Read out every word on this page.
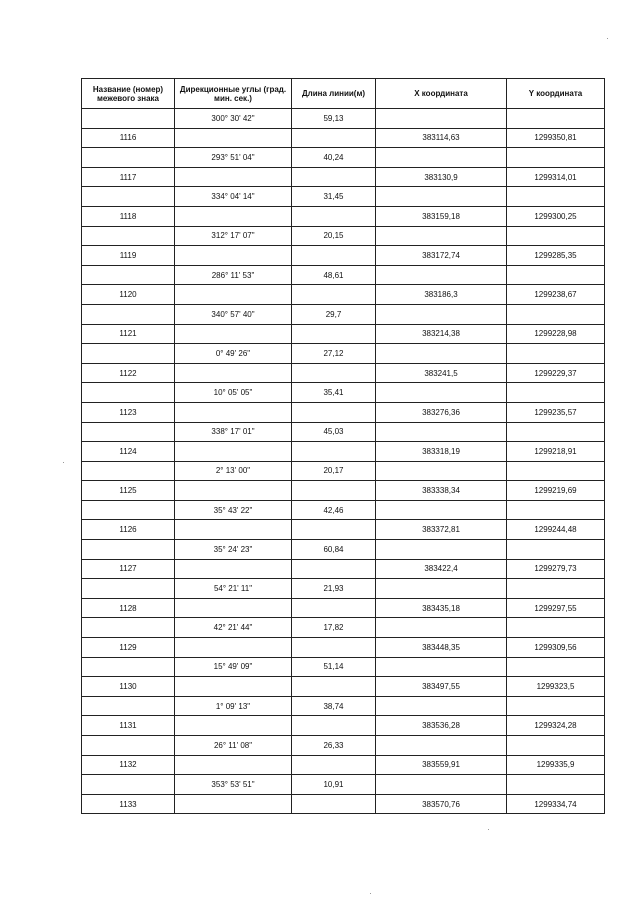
Название (номер) межевого знака	Дирекционные углы (град. мин. сек.)	Длина линии(м)	X координата	Y координата
	300° 30' 42"	59,13		
1116			383114,63	1299350,81
	293° 51' 04"	40,24		
1117			383130,9	1299314,01
	334° 04' 14"	31,45		
1118			383159,18	1299300,25
	312° 17' 07"	20,15		
1119			383172,74	1299285,35
	286° 11' 53"	48,61		
1120			383186,3	1299238,67
	340° 57' 40"	29,7		
1121			383214,38	1299228,98
	0° 49' 26"	27,12		
1122			383241,5	1299229,37
	10° 05' 05"	35,41		
1123			383276,36	1299235,57
	338° 17' 01"	45,03		
1124			383318,19	1299218,91
	2° 13' 00"	20,17		
1125			383338,34	1299219,69
	35° 43' 22"	42,46		
1126			383372,81	1299244,48
	35° 24' 23"	60,84		
1127			383422,4	1299279,73
	54° 21' 11"	21,93		
1128			383435,18	1299297,55
	42° 21' 44"	17,82		
1129			383448,35	1299309,56
	15° 49' 09"	51,14		
1130			383497,55	1299323,5
	1° 09' 13"	38,74		
1131			383536,28	1299324,28
	26° 11' 08"	26,33		
1132			383559,91	1299335,9
	353° 53' 51"	10,91		
1133			383570,76	1299334,74
